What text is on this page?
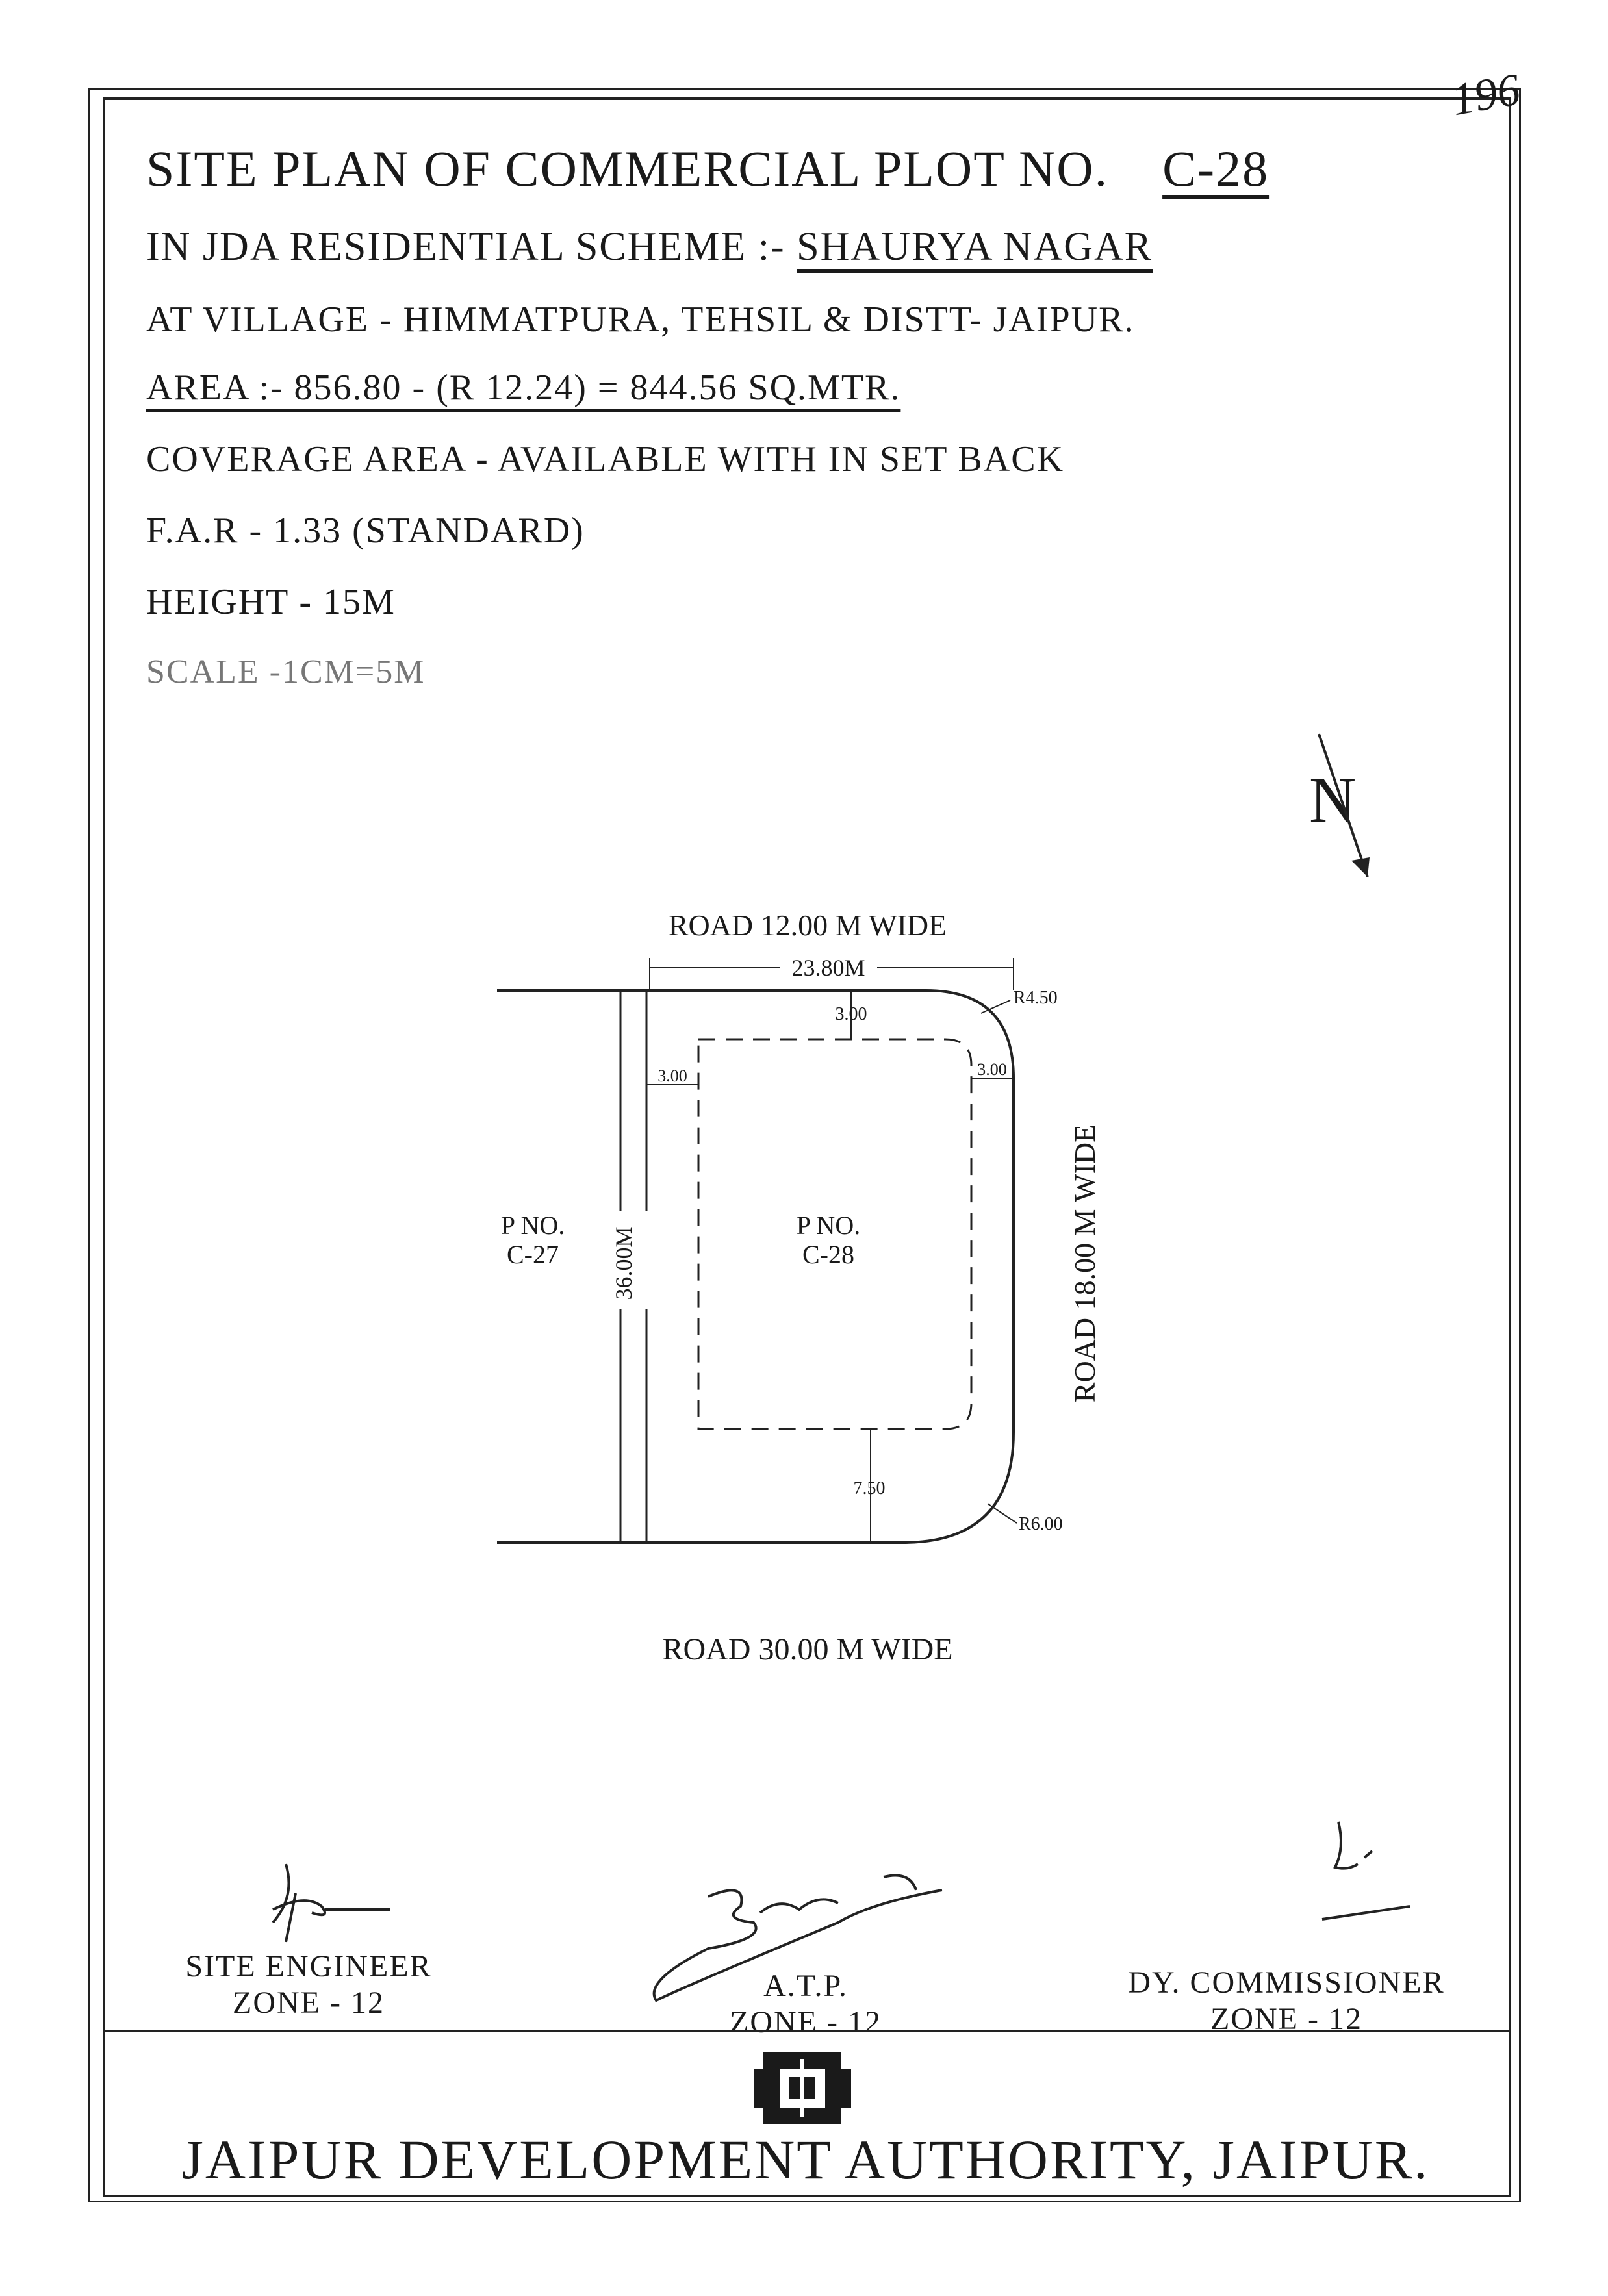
SITE PLAN OF COMMERCIAL PLOT NO. C-28
IN JDA RESIDENTIAL SCHEME :- SHAURYA NAGAR
AT VILLAGE - HIMMATPURA, TEHSIL & DISTT- JAIPUR.
AREA :- 856.80 - (R 12.24) = 844.56 SQ.MTR.
COVERAGE AREA - AVAILABLE WITH IN SET BACK
F.A.R - 1.33 (STANDARD)
HEIGHT - 15M
SCALE -1CM=5M
196
N
ROAD 12.00 M WIDE
ROAD 30.00 M WIDE
ROAD 18.00 M WIDE
23.80M
36.00M
3.00
3.00	3.00
7.50
R4.50
R6.00
P NO.
C-28
P NO.
C-27
SITE ENGINEER
ZONE - 12	A.T.P.
ZONE - 12
DY. COMMISSIONER
ZONE - 12
JAIPUR DEVELOPMENT AUTHORITY, JAIPUR.
